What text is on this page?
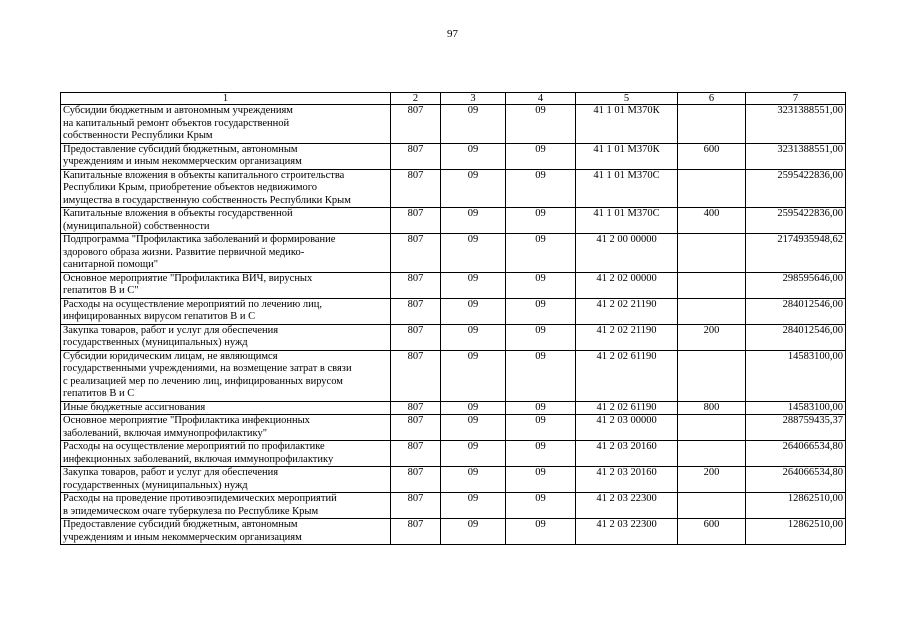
97
1	2	3	4	5	6	7

Субсидии бюджетным и автономным учреждениям
на капитальный ремонт объектов государственной
собственности Республики Крым	807	09	09	41 1 01 М370К		3231388551,00

Предоставление субсидий бюджетным, автономным
учреждениям и иным некоммерческим организациям	807	09	09	41 1 01 М370К	600	3231388551,00

Капитальные вложения в объекты капитального строительства
Республики Крым, приобретение объектов недвижимого
имущества в государственную собственность Республики Крым	807	09	09	41 1 01 М370С		2595422836,00

Капитальные вложения в объекты государственной
(муниципальной) собственности	807	09	09	41 1 01 М370С	400	2595422836,00

Подпрограмма "Профилактика заболеваний и формирование
здорового образа жизни. Развитие первичной медико-
санитарной помощи"	807	09	09	41 2 00 00000		2174935948,62

Основное мероприятие "Профилактика ВИЧ, вирусных
гепатитов В и С"	807	09	09	41 2 02 00000		298595646,00

Расходы на осуществление мероприятий по лечению лиц,
инфицированных вирусом гепатитов В и С	807	09	09	41 2 02 21190		284012546,00

Закупка товаров, работ и услуг для обеспечения
государственных (муниципальных) нужд	807	09	09	41 2 02 21190	200	284012546,00

Субсидии юридическим лицам, не являющимся
государственными учреждениями, на возмещение затрат в связи
с реализацией мер по лечению лиц, инфицированных вирусом
гепатитов В и С	807	09	09	41 2 02 61190		14583100,00

Иные бюджетные ассигнования	807	09	09	41 2 02 61190	800	14583100,00

Основное мероприятие "Профилактика инфекционных
заболеваний, включая иммунопрофилактику"	807	09	09	41 2 03 00000		288759435,37

Расходы на осуществление мероприятий по профилактике
инфекционных заболеваний, включая иммунопрофилактику	807	09	09	41 2 03 20160		264066534,80

Закупка товаров, работ и услуг для обеспечения
государственных (муниципальных) нужд	807	09	09	41 2 03 20160	200	264066534,80

Расходы на проведение противоэпидемических мероприятий
в эпидемическом очаге туберкулеза по Республике Крым	807	09	09	41 2 03 22300		12862510,00

Предоставление субсидий бюджетным, автономным
учреждениям и иным некоммерческим организациям	807	09	09	41 2 03 22300	600	12862510,00
